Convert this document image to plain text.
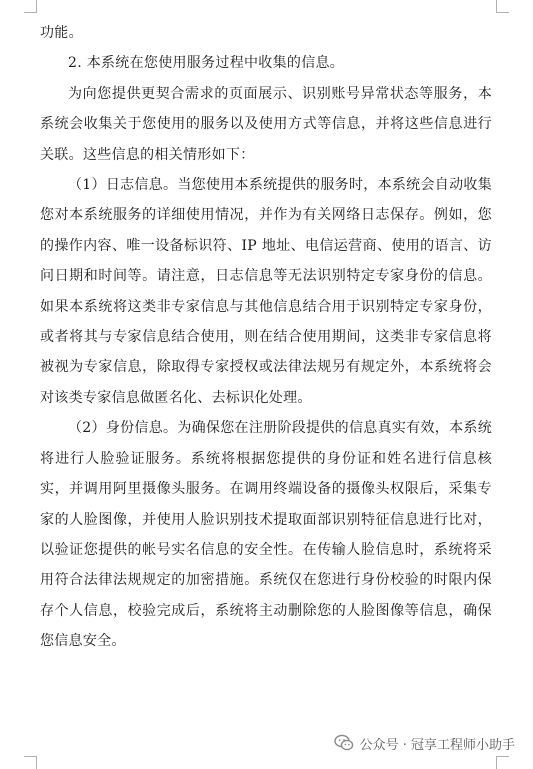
功能。

2. 本系统在您使用服务过程中收集的信息。

为向您提供更契合需求的页面展示、识别账号异常状态等服务，本系统会收集关于您使用的服务以及使用方式等信息，并将这些信息进行关联。这些信息的相关情形如下：

（1）日志信息。当您使用本系统提供的服务时，本系统会自动收集您对本系统服务的详细使用情况，并作为有关网络日志保存。例如，您的操作内容、唯一设备标识符、IP 地址、电信运营商、使用的语言、访问日期和时间等。请注意，日志信息等无法识别特定专家身份的信息。如果本系统将这类非专家信息与其他信息结合用于识别特定专家身份，或者将其与专家信息结合使用，则在结合使用期间，这类非专家信息将被视为专家信息，除取得专家授权或法律法规另有规定外，本系统将会对该类专家信息做匿名化、去标识化处理。

（2）身份信息。为确保您在注册阶段提供的信息真实有效，本系统将进行人脸验证服务。系统将根据您提供的身份证和姓名进行信息核实，并调用阿里摄像头服务。在调用终端设备的摄像头权限后，采集专家的人脸图像，并使用人脸识别技术提取面部识别特征信息进行比对，以验证您提供的帐号实名信息的安全性。在传输人脸信息时，系统将采用符合法律法规规定的加密措施。系统仅在您进行身份校验的时限内保存个人信息，校验完成后，系统将主动删除您的人脸图像等信息，确保您信息安全。

公众号 · 冠享工程师小助手
